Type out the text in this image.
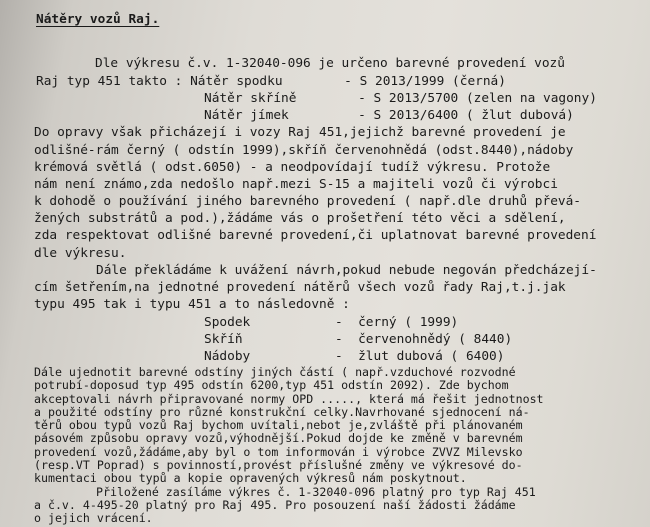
Nátěry vozů Raj.
Dle výkresu č.v. 1-32040-096 je určeno barevné provedení vozů
Raj typ 451 takto : Nátěr spodku        - S 2013/1999 (černá)
Nátěr skříně        - S 2013/5700 (zelen na vagony)
Nátěr jímek         - S 2013/6400 ( žlut dubová)
Do opravy však přicházejí i vozy Raj 451,jejichž barevné provedení je
odlišné-rám černý ( odstín 1999),skříň červenohnědá (odst.8440),nádoby
krémová světlá ( odst.6050) - a neodpovídají tudíž výkresu. Protože
nám není známo,zda nedošlo např.mezi S-15 a majiteli vozů či výrobci
k dohodě o používání jiného barevného provedení ( např.dle druhů převá-
žených substrátů a pod.),žádáme vás o prošetření této věci a sdělení,
zda respektovat odlišné barevné provedení,či uplatnovat barevné provedení
dle výkresu.
Dále překládáme k uvážení návrh,pokud nebude negován předcházejí-
cím šetřením,na jednotné provedení nátěrů všech vozů řady Raj,t.j.jak
typu 495 tak i typu 451 a to následovně :
Spodek           -  černý ( 1999)
Skříň            -  červenohnědý ( 8440)
Nádoby           -  žlut dubová ( 6400)
Dále ujednotit barevné odstíny jiných částí ( např.vzduchové rozvodné
potrubí-doposud typ 495 odstín 6200,typ 451 odstín 2092). Zde bychom
akceptovali návrh připravované normy OPD ....., která má řešit jednotnost
a použité odstíny pro různé konstrukční celky.Navrhované sjednocení ná-
těrů obou typů vozů Raj bychom uvítali,nebot je,zvláště při plánovaném
pásovém způsobu opravy vozů,výhodnější.Pokud dojde ke změně v barevném
provedení vozů,žádáme,aby byl o tom informován i výrobce ZVVZ Milevsko
(resp.VT Poprad) s povinností,provést příslušné změny ve výkresové do-
kumentaci obou typů a kopie opravených výkresů nám poskytnout.
Přiložené zasíláme výkres č. 1-32040-096 platný pro typ Raj 451
a č.v. 4-495-20 platný pro Raj 495. Pro posouzení naší žádosti žádáme
o jejich vrácení.
